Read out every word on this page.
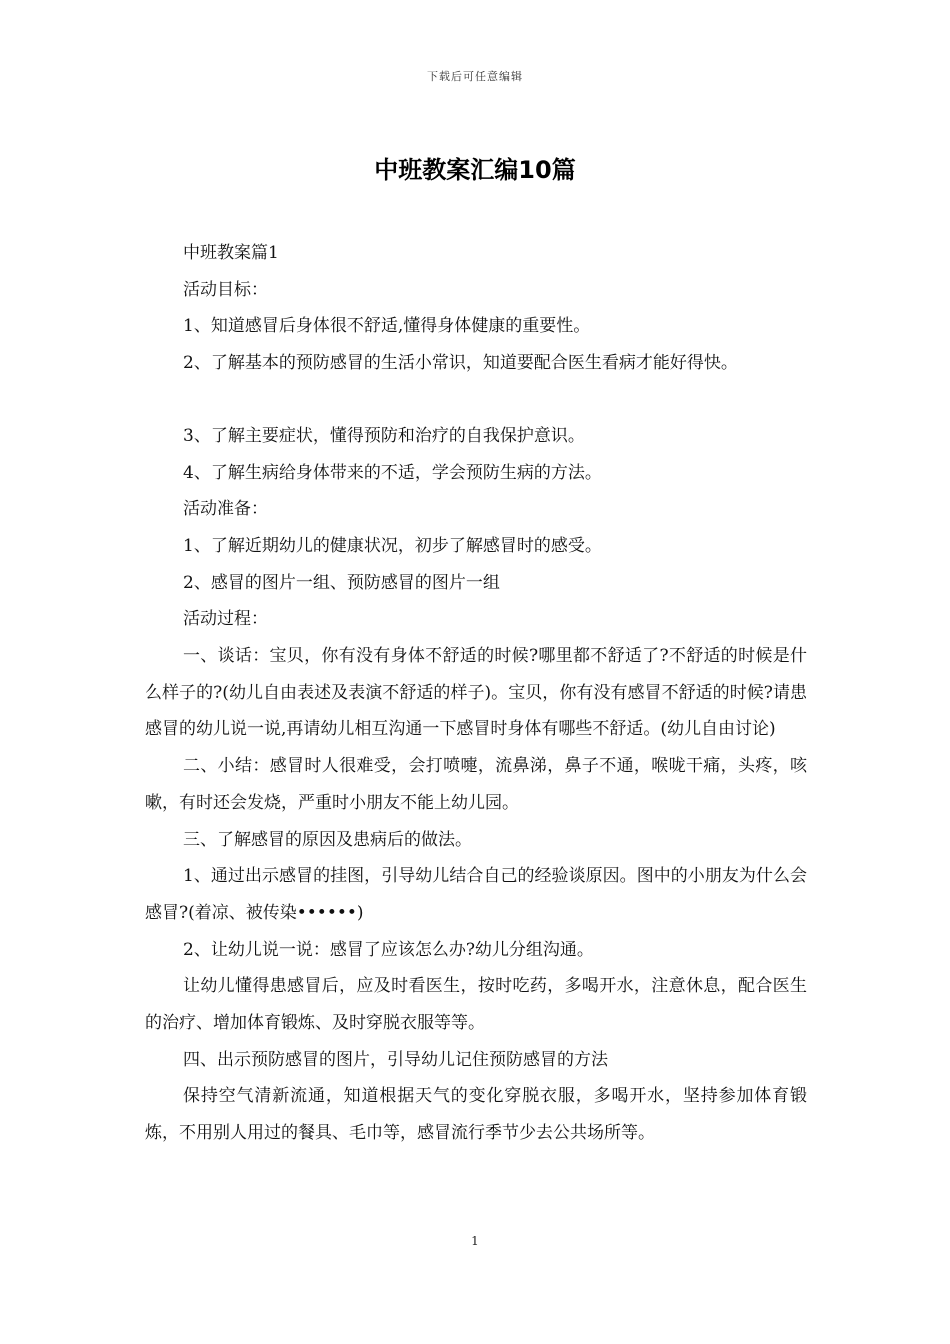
下载后可任意编辑
中班教案汇编10篇

中班教案篇1

活动目标：

1、知道感冒后身体很不舒适,懂得身体健康的重要性。

2、了解基本的预防感冒的生活小常识，知道要配合医生看病才能好得快。

3、了解主要症状，懂得预防和治疗的自我保护意识。

4、了解生病给身体带来的不适，学会预防生病的方法。

活动准备：

1、了解近期幼儿的健康状况，初步了解感冒时的感受。

2、感冒的图片一组、预防感冒的图片一组

活动过程：

一、谈话：宝贝，你有没有身体不舒适的时候?哪里都不舒适了?不舒适的时候是什么样子的?(幼儿自由表述及表演不舒适的样子)。宝贝，你有没有感冒不舒适的时候?请患感冒的幼儿说一说,再请幼儿相互沟通一下感冒时身体有哪些不舒适。(幼儿自由讨论)

二、小结：感冒时人很难受，会打喷嚏，流鼻涕，鼻子不通，喉咙干痛，头疼，咳嗽，有时还会发烧，严重时小朋友不能上幼儿园。

三、了解感冒的原因及患病后的做法。

1、通过出示感冒的挂图，引导幼儿结合自己的经验谈原因。图中的小朋友为什么会感冒?(着凉、被传染••••••)

2、让幼儿说一说：感冒了应该怎么办?幼儿分组沟通。

让幼儿懂得患感冒后，应及时看医生，按时吃药，多喝开水，注意休息，配合医生的治疗、增加体育锻炼、及时穿脱衣服等等。

四、出示预防感冒的图片，引导幼儿记住预防感冒的方法

保持空气清新流通，知道根据天气的变化穿脱衣服，多喝开水，坚持参加体育锻炼，不用别人用过的餐具、毛巾等，感冒流行季节少去公共场所等。

1
